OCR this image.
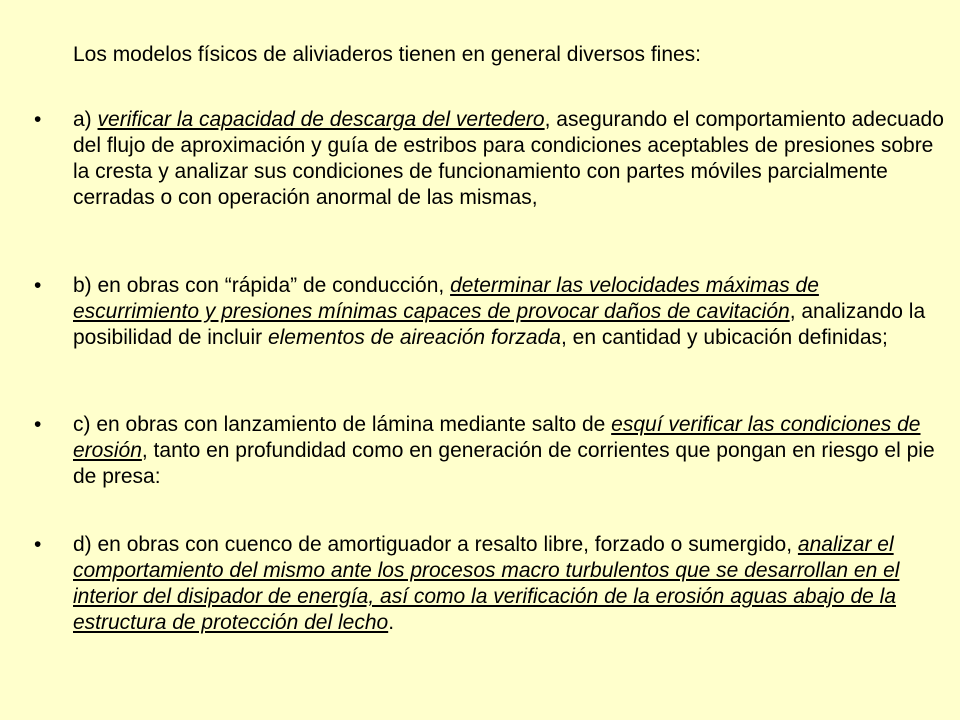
Los modelos físicos de aliviaderos tienen en general diversos fines:
•	a) verificar la capacidad de descarga del vertedero, asegurando el comportamiento adecuado del flujo de aproximación y guía de estribos para condiciones aceptables de presiones sobre la cresta y analizar sus condiciones de funcionamiento con partes móviles parcialmente cerradas o con operación anormal de las mismas,
•	b) en obras con “rápida” de conducción, determinar las velocidades máximas de escurrimiento y presiones mínimas capaces de provocar daños de cavitación, analizando la posibilidad de incluir elementos de aireación forzada, en cantidad y ubicación definidas;
•	c) en obras con lanzamiento de lámina mediante salto de esquí verificar las condiciones de erosión, tanto en profundidad como en generación de corrientes que pongan en riesgo el pie de presa:
•	d) en obras con cuenco de amortiguador a resalto libre, forzado o sumergido, analizar el comportamiento del mismo ante los procesos macro turbulentos que se desarrollan en el interior del disipador de energía, así como la verificación de la erosión aguas abajo de la estructura de protección del lecho.
